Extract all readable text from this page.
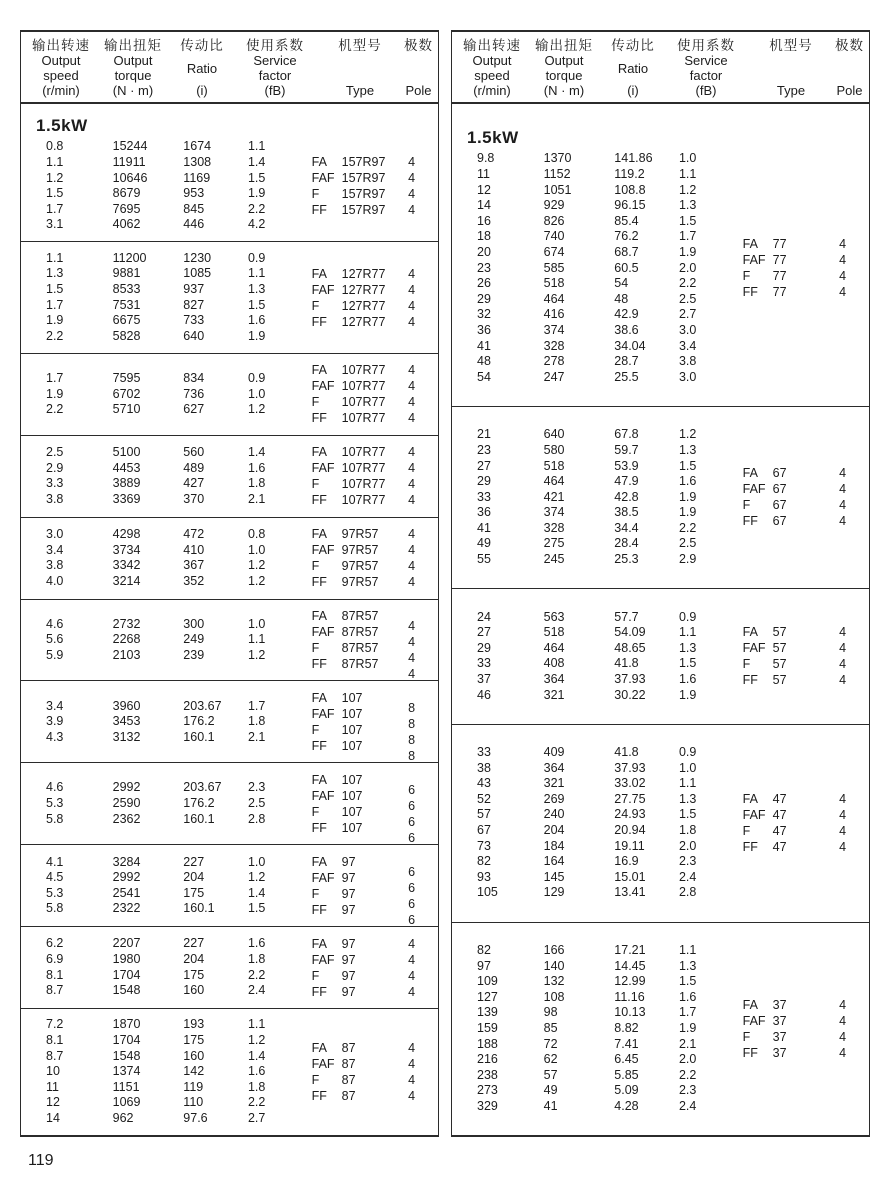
输出转速
Output
speed
(r/min)
输出扭矩
Output
torque
(N · m)
传动比
Ratio
(i)
使用系数
Service
factor
(fB)
机型号
Type
极数
Pole
1.5kW
0.8
1.1
1.2
1.5
1.7
3.1
15244
11911
10646
8679
7695
4062
1674
1308
1169
953
845
446
1.1
1.4
1.5
1.9
2.2
4.2
FA 157R97
FAF 157R97
F 157R97
FF 157R97
4
4
4
4
1.1
1.3
1.5
1.7
1.9
2.2
11200
9881
8533
7531
6675
5828
1230
1085
937
827
733
640
0.9
1.1
1.3
1.5
1.6
1.9
FA 127R77
FAF 127R77
F 127R77
FF 127R77
4
4
4
4
1.7
1.9
2.2
7595
6702
5710
834
736
627
0.9
1.0
1.2
FA 107R77
FAF 107R77
F 107R77
FF 107R77
4
4
4
4
2.5
2.9
3.3
3.8
5100
4453
3889
3369
560
489
427
370
1.4
1.6
1.8
2.1
FA 107R77
FAF 107R77
F 107R77
FF 107R77
4
4
4
4
3.0
3.4
3.8
4.0
4298
3734
3342
3214
472
410
367
352
0.8
1.0
1.2
1.2
FA 97R57
FAF 97R57
F 97R57
FF 97R57
4
4
4
4
4.6
5.6
5.9
2732
2268
2103
300
249
239
1.0
1.1
1.2
FA 87R57
FAF 87R57
F 87R57
FF 87R57
4
4
4
4
3.4
3.9
4.3
3960
3453
3132
203.67
176.2
160.1
1.7
1.8
2.1
FA 107
FAF 107
F 107
FF 107
8
8
8
8
4.6
5.3
5.8
2992
2590
2362
203.67
176.2
160.1
2.3
2.5
2.8
FA 107
FAF 107
F 107
FF 107
6
6
6
6
4.1
4.5
5.3
5.8
3284
2992
2541
2322
227
204
175
160.1
1.0
1.2
1.4
1.5
FA 97
FAF 97
F 97
FF 97
6
6
6
6
6.2
6.9
8.1
8.7
2207
1980
1704
1548
227
204
175
160
1.6
1.8
2.2
2.4
FA 97
FAF 97
F 97
FF 97
4
4
4
4
7.2
8.1
8.7
10
11
12
14
1870
1704
1548
1374
1151
1069
962
193
175
160
142
119
110
97.6
1.1
1.2
1.4
1.6
1.8
2.2
2.7
FA 87
FAF 87
F 87
FF 87
4
4
4
4
输出转速
Output
speed
(r/min)
输出扭矩
Output
torque
(N · m)
传动比
Ratio
(i)
使用系数
Service
factor
(fB)
机型号
Type
极数
Pole
1.5kW
9.8
11
12
14
16
18
20
23
26
29
32
36
41
48
54
1370
1152
1051
929
826
740
674
585
518
464
416
374
328
278
247
141.86
119.2
108.8
96.15
85.4
76.2
68.7
60.5
54
48
42.9
38.6
34.04
28.7
25.5
1.0
1.1
1.2
1.3
1.5
1.7
1.9
2.0
2.2
2.5
2.7
3.0
3.4
3.8
3.0
FA 77
FAF 77
F 77
FF 77
4
4
4
4
21
23
27
29
33
36
41
49
55
640
580
518
464
421
374
328
275
245
67.8
59.7
53.9
47.9
42.8
38.5
34.4
28.4
25.3
1.2
1.3
1.5
1.6
1.9
1.9
2.2
2.5
2.9
FA 67
FAF 67
F 67
FF 67
4
4
4
4
24
27
29
33
37
46
563
518
464
408
364
321
57.7
54.09
48.65
41.8
37.93
30.22
0.9
1.1
1.3
1.5
1.6
1.9
FA 57
FAF 57
F 57
FF 57
4
4
4
4
33
38
43
52
57
67
73
82
93
105
409
364
321
269
240
204
184
164
145
129
41.8
37.93
33.02
27.75
24.93
20.94
19.11
16.9
15.01
13.41
0.9
1.0
1.1
1.3
1.5
1.8
2.0
2.3
2.4
2.8
FA 47
FAF 47
F 47
FF 47
4
4
4
4
82
97
109
127
139
159
188
216
238
273
329
166
140
132
108
98
85
72
62
57
49
41
17.21
14.45
12.99
11.16
10.13
8.82
7.41
6.45
5.85
5.09
4.28
1.1
1.3
1.5
1.6
1.7
1.9
2.1
2.0
2.2
2.3
2.4
FA 37
FAF 37
F 37
FF 37
4
4
4
4
119
